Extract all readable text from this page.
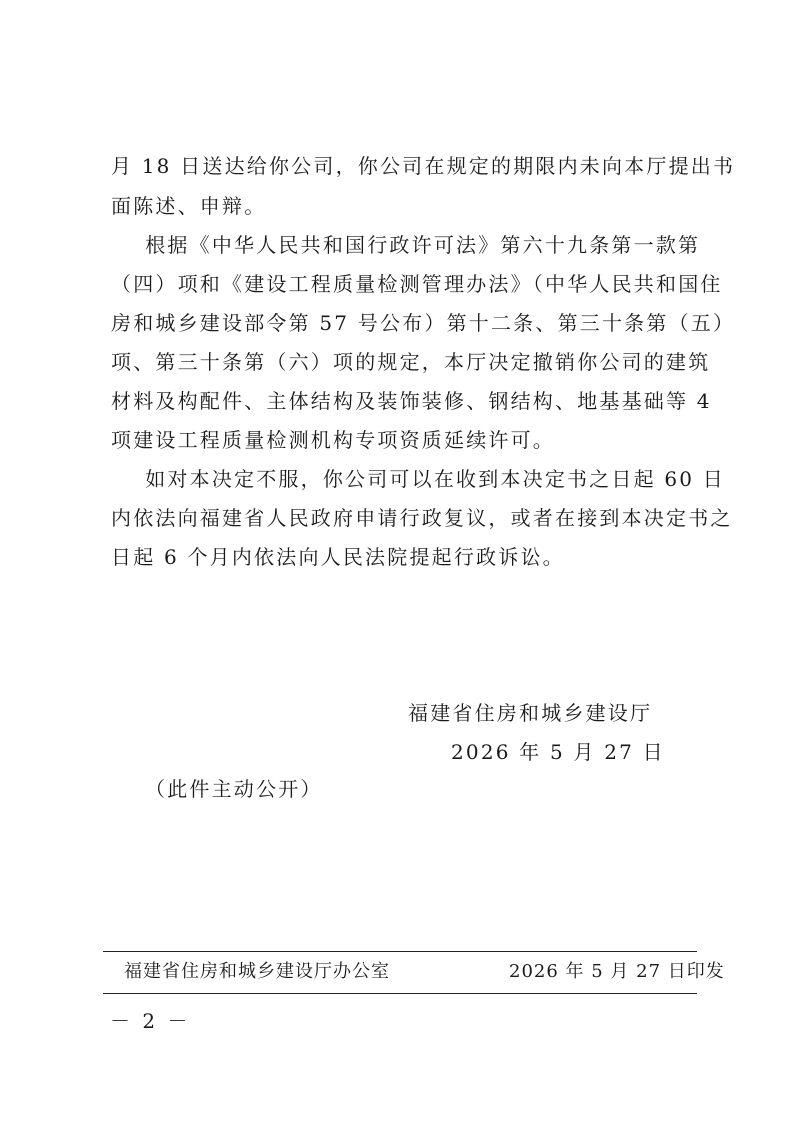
月 18 日送达给你公司，你公司在规定的期限内未向本厅提出书
面陈述、申辩。
根据《中华人民共和国行政许可法》第六十九条第一款第
（四）项和《建设工程质量检测管理办法》（中华人民共和国住
房和城乡建设部令第 57 号公布）第十二条、第三十条第（五）
项、第三十条第（六）项的规定，本厅决定撤销你公司的建筑
材料及构配件、主体结构及装饰装修、钢结构、地基基础等 4
项建设工程质量检测机构专项资质延续许可。
如对本决定不服，你公司可以在收到本决定书之日起 60 日
内依法向福建省人民政府申请行政复议，或者在接到本决定书之
日起 6 个月内依法向人民法院提起行政诉讼。
福建省住房和城乡建设厅
2026 年 5 月 27 日
（此件主动公开）
福建省住房和城乡建设厅办公室	2026 年 5 月 27 日印发
－ 2 －
